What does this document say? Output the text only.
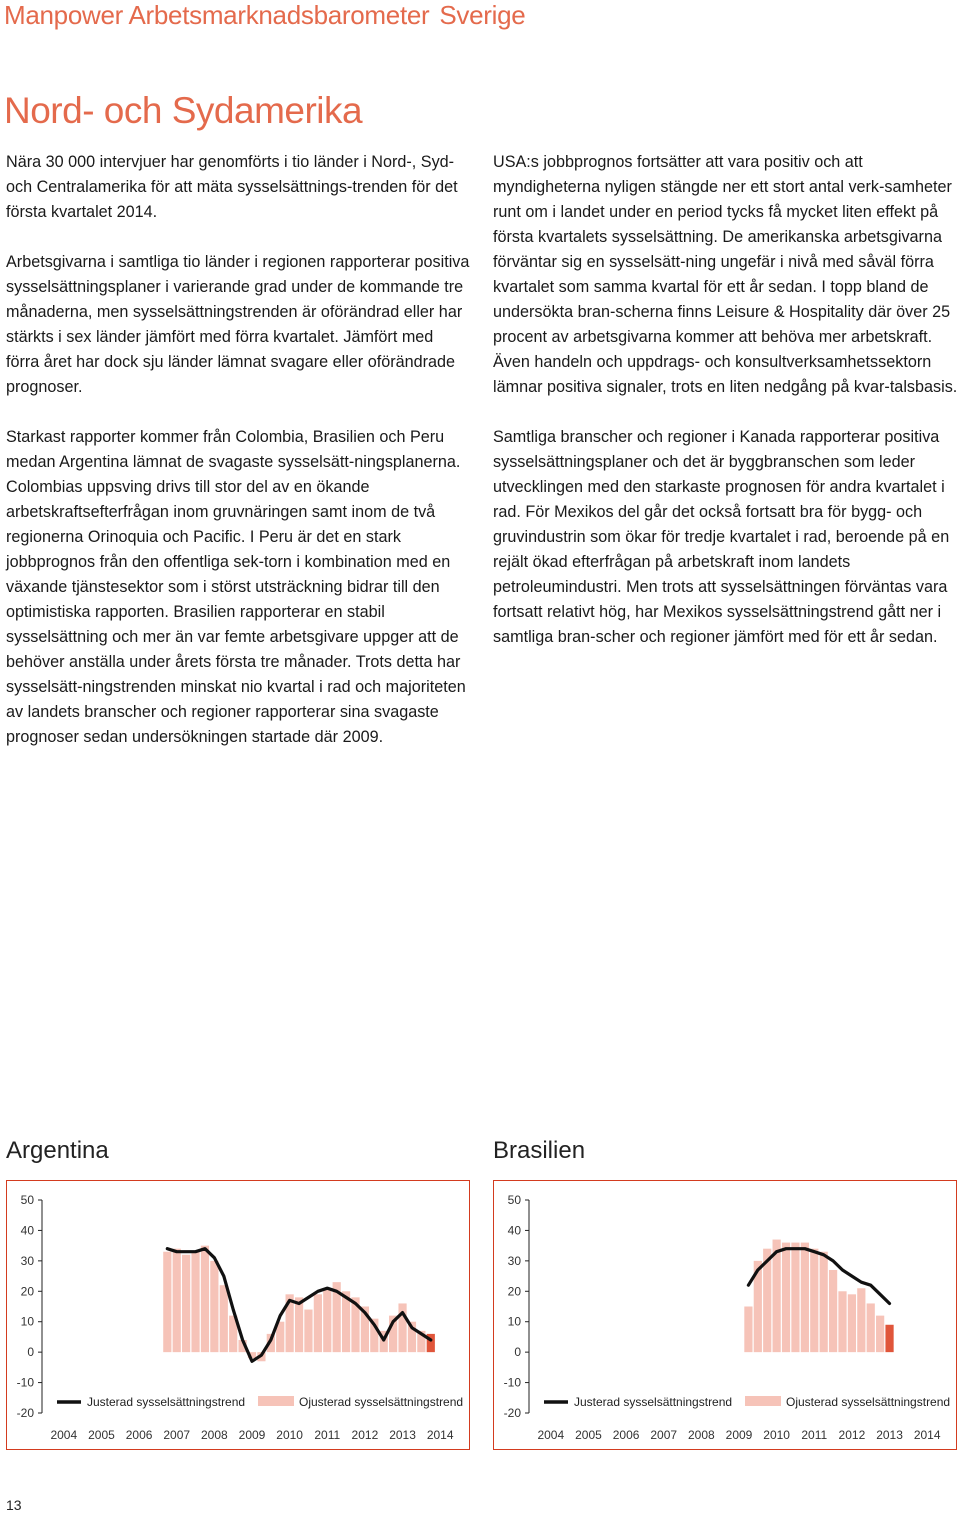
Manpower Arbetsmarknadsbarometer Sverige
Nord- och Sydamerika

Nära 30 000 intervjuer har genomförts i tio länder i Nord-, Syd- och Centralamerika för att mäta sysselsättnings-trenden för det första kvartalet 2014.

Arbetsgivarna i samtliga tio länder i regionen rapporterar positiva sysselsättningsplaner i varierande grad under de kommande tre månaderna, men sysselsättningstrenden är oförändrad eller har stärkts i sex länder jämfört med förra kvartalet. Jämfört med förra året har dock sju länder lämnat svagare eller oförändrade prognoser.

Starkast rapporter kommer från Colombia, Brasilien och Peru medan Argentina lämnat de svagaste sysselsätt-ningsplanerna. Colombias uppsving drivs till stor del av en ökande arbetskraftsefterfrågan inom gruvnäringen samt inom de två regionerna Orinoquia och Pacific. I Peru är det en stark jobbprognos från den offentliga sek-torn i kombination med en växande tjänstesektor som i störst utsträckning bidrar till den optimistiska rapporten. Brasilien rapporterar en stabil sysselsättning och mer än var femte arbetsgivare uppger att de behöver anställa under årets första tre månader. Trots detta har sysselsätt-ningstrenden minskat nio kvartal i rad och majoriteten av landets branscher och regioner rapporterar sina svagaste prognoser sedan undersökningen startade där 2009.

USA:s jobbprognos fortsätter att vara positiv och att myndigheterna nyligen stängde ner ett stort antal verk-samheter runt om i landet under en period tycks få mycket liten effekt på första kvartalets sysselsättning. De amerikanska arbetsgivarna förväntar sig en sysselsätt-ning ungefär i nivå med såväl förra kvartalet som samma kvartal för ett år sedan. I topp bland de undersökta bran-scherna finns Leisure & Hospitality där över 25 procent av arbetsgivarna kommer att behöva mer arbetskraft. Även handeln och uppdrags- och konsultverksamhetssektorn lämnar positiva signaler, trots en liten nedgång på kvar-talsbasis.

Samtliga branscher och regioner i Kanada rapporterar positiva sysselsättningsplaner och det är byggbranschen som leder utvecklingen med den starkaste prognosen för andra kvartalet i rad. För Mexikos del går det också fortsatt bra för bygg- och gruvindustrin som ökar för tredje kvartalet i rad, beroende på en rejält ökad efterfrågan på arbetskraft inom landets petroleumindustri. Men trots att sysselsättningen förväntas vara fortsatt relativt hög, har Mexikos sysselsättningstrend gått ner i samtliga bran-scher och regioner jämfört med för ett år sedan.

Argentina
50
40
30
20
10
0
-10
-20
2004 2005 2006 2007 2008 2009 2010 2011 2012 2013 2014
Justerad sysselsättningstrend	Ojusterad sysselsättningstrend
Brasilien
50
40
30
20
10
0
-10
-20
2004 2005 2006 2007 2008 2009 2010 2011 2012 2013 2014
Justerad sysselsättningstrend	Ojusterad sysselsättningstrend
13
